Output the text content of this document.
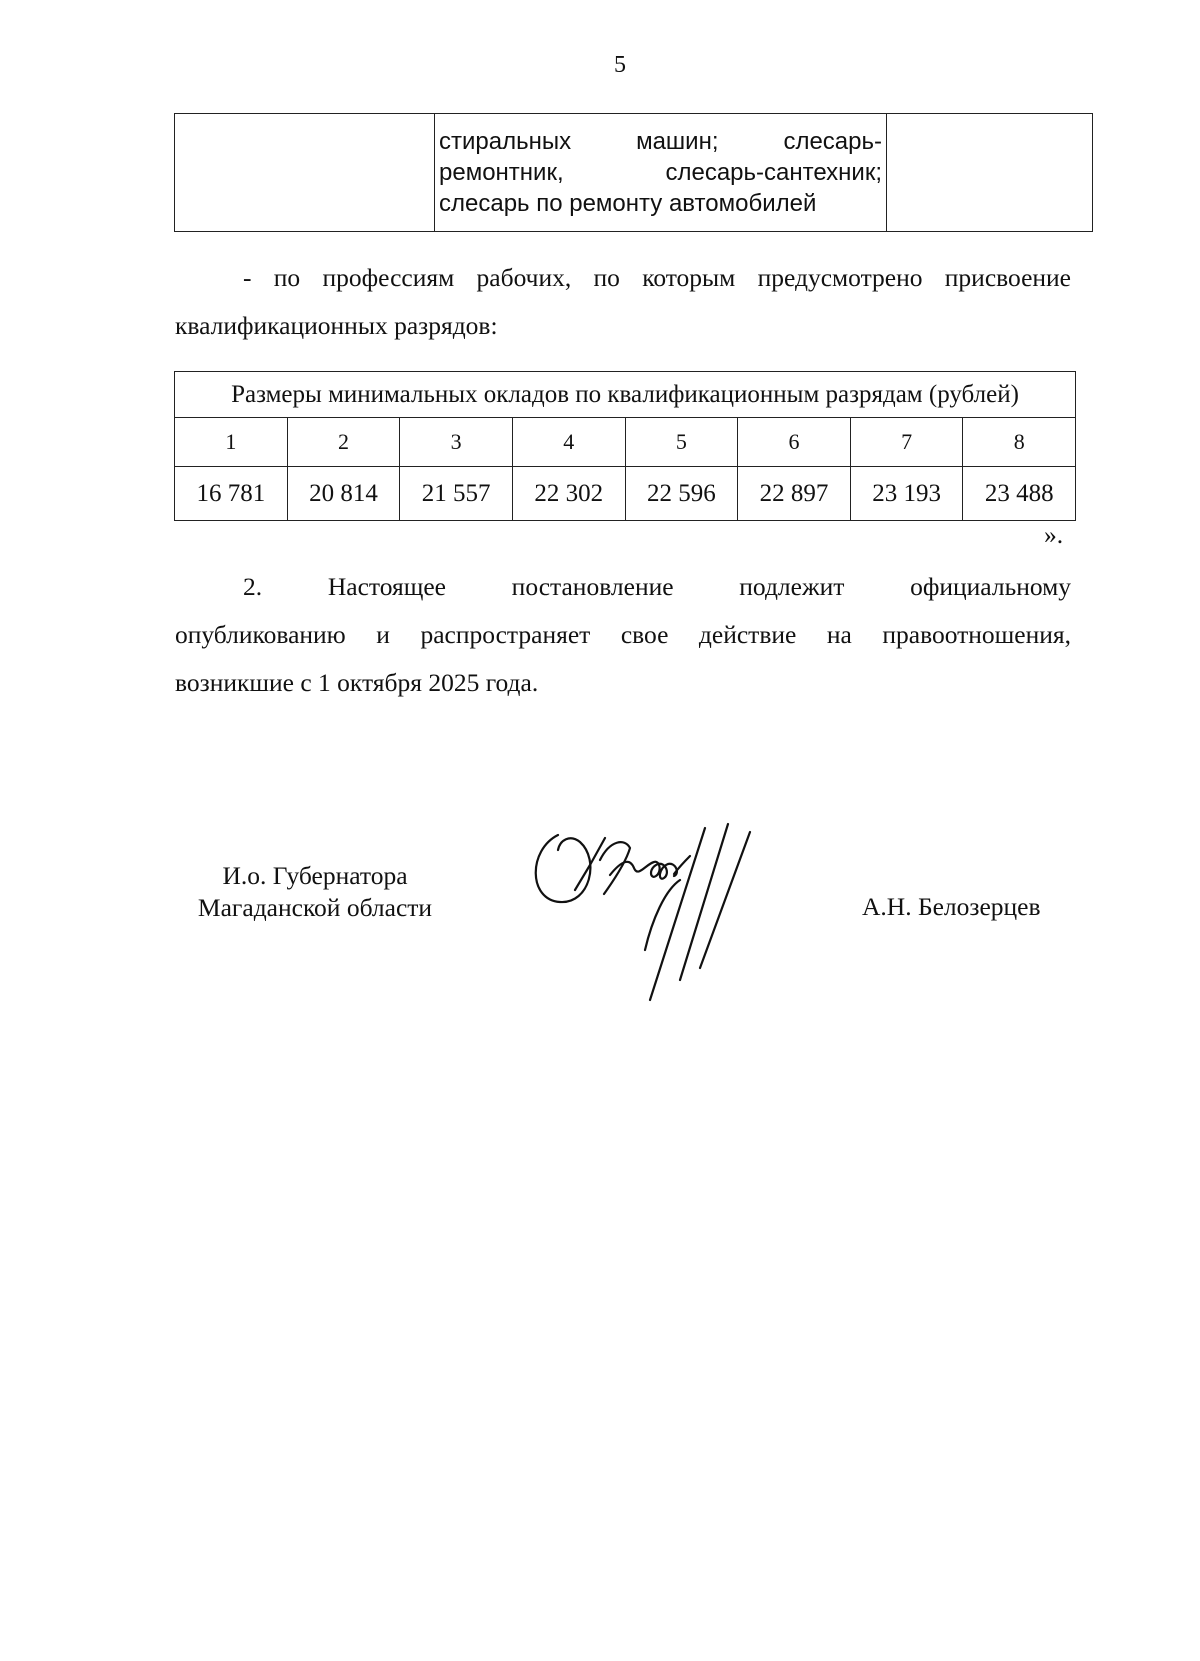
5

стиральных машин; слесарь-
ремонтник, слесарь-сантехник;
слесарь по ремонту автомобилей

- по профессиям рабочих, по которым предусмотрено присвоение
квалификационных разрядов:
Размеры минимальных окладов по квалификационным разрядам (рублей)							
1	2	3	4	5	6	7	8
16 781	20 814	21 557	22 302	22 596	22 897	23 193	23 488
».
2. Настоящее постановление подлежит официальному
опубликованию и распространяет свое действие на правоотношения,
возникшие с 1 октября 2025 года.
И.о. Губернатора
Магаданской области	А.Н. Белозерцев
